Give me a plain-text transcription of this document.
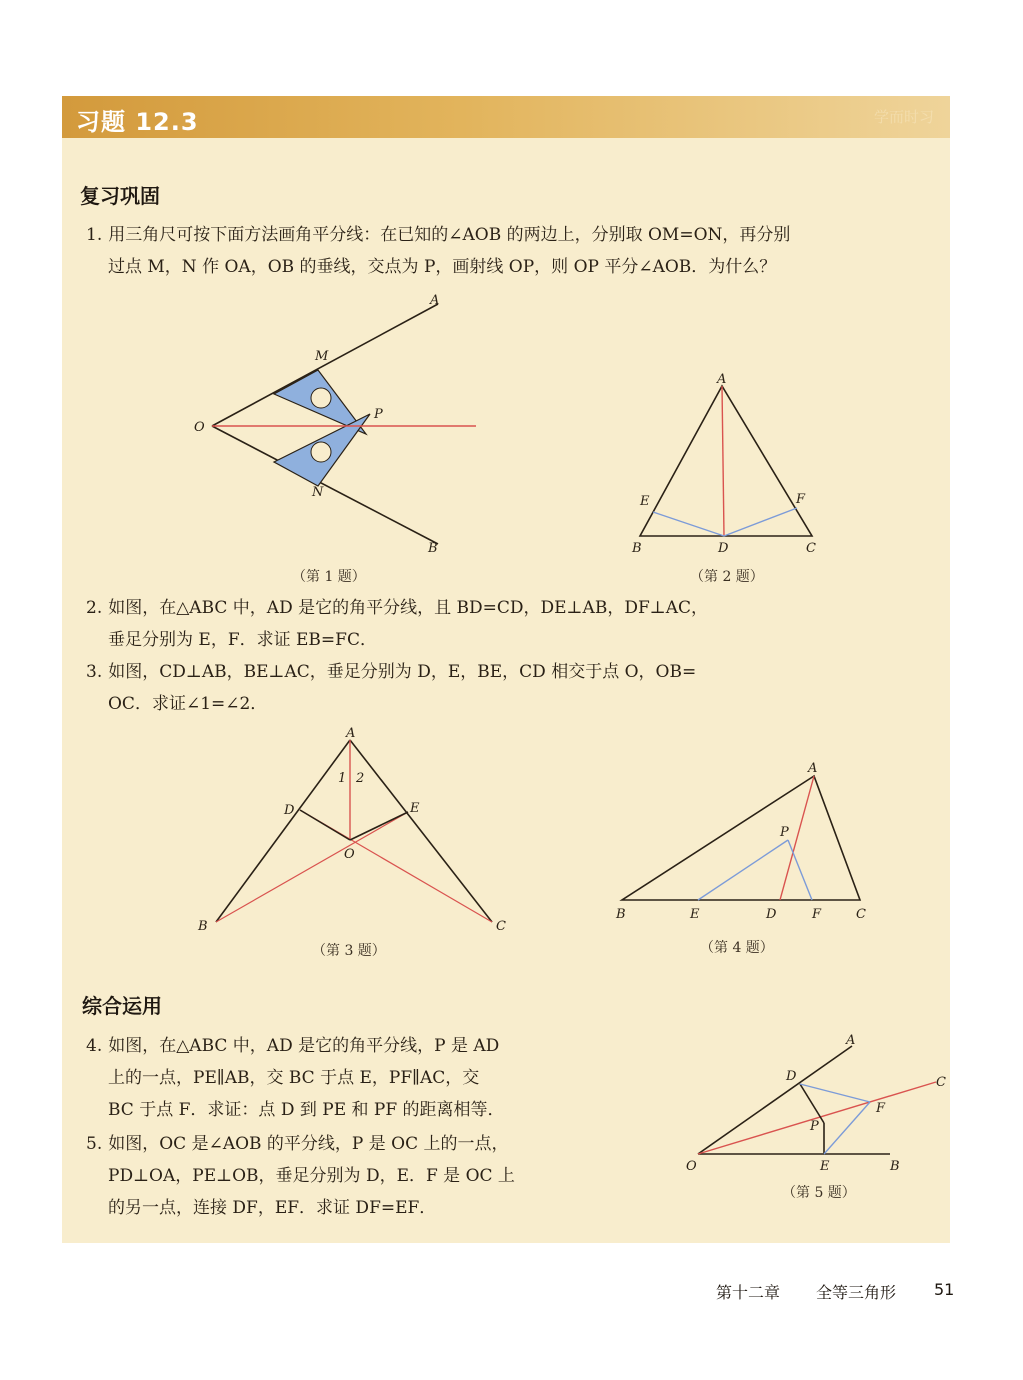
习题 12.3	学而时习
复习巩固
1. 用三角尺可按下面方法画角平分线：在已知的∠AOB 的两边上，分别取 OM=ON，再分别
过点 M，N 作 OA，OB 的垂线，交点为 P，画射线 OP，则 OP 平分∠AOB．为什么？
A
M
O
P
N
B
（第 1 题）
A
E	F
B	D	C
（第 2 题）
2. 如图，在△ABC 中，AD 是它的角平分线，且 BD=CD，DE⊥AB，DF⊥AC，
垂足分别为 E，F．求证 EB=FC．
3. 如图，CD⊥AB，BE⊥AC，垂足分别为 D，E，BE，CD 相交于点 O，OB=
OC．求证∠1=∠2．
A
1 2
D	E
O
B	C
（第 3 题）
A
P
B	E	D	F	C
（第 4 题）
综合运用
4. 如图，在△ABC 中，AD 是它的角平分线，P 是 AD
上的一点，PE∥AB，交 BC 于点 E，PF∥AC，交
BC 于点 F．求证：点 D 到 PE 和 PF 的距离相等．
5. 如图，OC 是∠AOB 的平分线，P 是 OC 上的一点，
PD⊥OA，PE⊥OB，垂足分别为 D，E．F 是 OC 上
的另一点，连接 DF，EF．求证 DF=EF．
A
C
D
F
P
O	E	B
（第 5 题）
第十二章 全等三角形 51
